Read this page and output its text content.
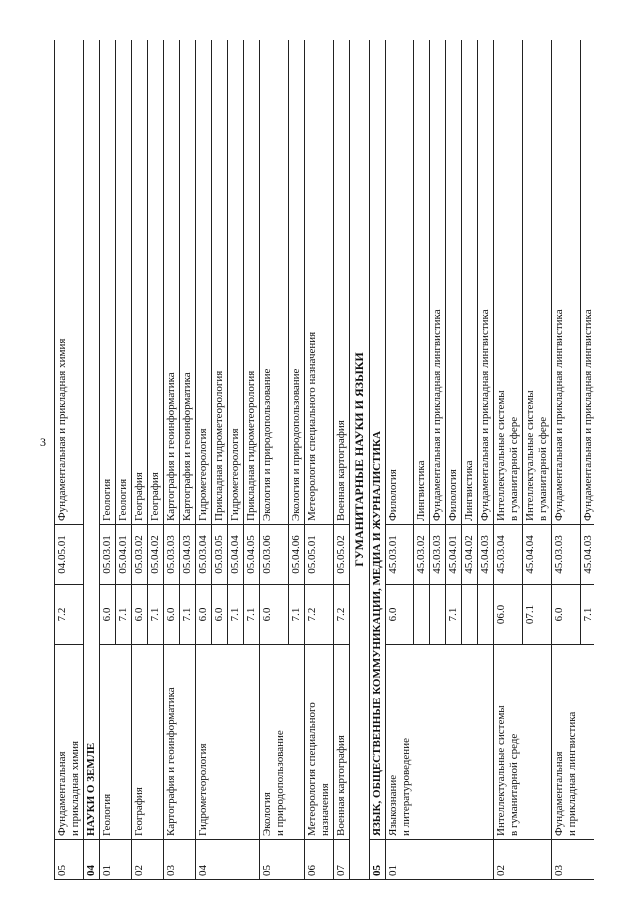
3
05	Фундаментальная
и прикладная химия	7.2	04.05.01	Фундаментальная и прикладная химия
04	НАУКИ О ЗЕМЛЕ			
01	Геология	6.0	05.03.01	Геология
		7.1	05.04.01	Геология
02	География	6.0	05.03.02	География
		7.1	05.04.02	География
03	Картография и геоинформатика	6.0	05.03.03	Картография и геоинформатика
		7.1	05.04.03	Картография и геоинформатика
04	Гидрометеорология	6.0	05.03.04	Гидрометеорология
		6.0	05.03.05	Прикладная гидрометеорология
		7.1	05.04.04	Гидрометеорология
		7.1	05.04.05	Прикладная гидрометеорология
05	Экология
и природопользование	6.0	05.03.06	Экология и природопользование
		7.1	05.04.06	Экология и природопользование
06	Метеорология специального
назначения	7.2	05.05.01	Метеорология специального назначения
07	Военная картография	7.2	05.05.02	Военная картография
ГУМАНИТАРНЫЕ НАУКИ И ЯЗЫКИ				
05	ЯЗЫК, ОБЩЕСТВЕННЫЕ КОММУНИКАЦИИ, МЕДИА И ЖУРНАЛИСТИКА			
01	Языкознание
и литературоведение	6.0	45.03.01	Филология
			45.03.02	Лингвистика
			45.03.03	Фундаментальная и прикладная лингвистика
		7.1	45.04.01	Филология
			45.04.02	Лингвистика
			45.04.03	Фундаментальная и прикладная лингвистика
02	Интеллектуальные системы
в гуманитарной среде	06.0	45.03.04	Интеллектуальные системы
в гуманитарной сфере
		07.1	45.04.04	Интеллектуальные системы
в гуманитарной сфере
03	Фундаментальная
и прикладная лингвистика	6.0	45.03.03	Фундаментальная и прикладная лингвистика
		7.1	45.04.03	Фундаментальная и прикладная лингвистика
